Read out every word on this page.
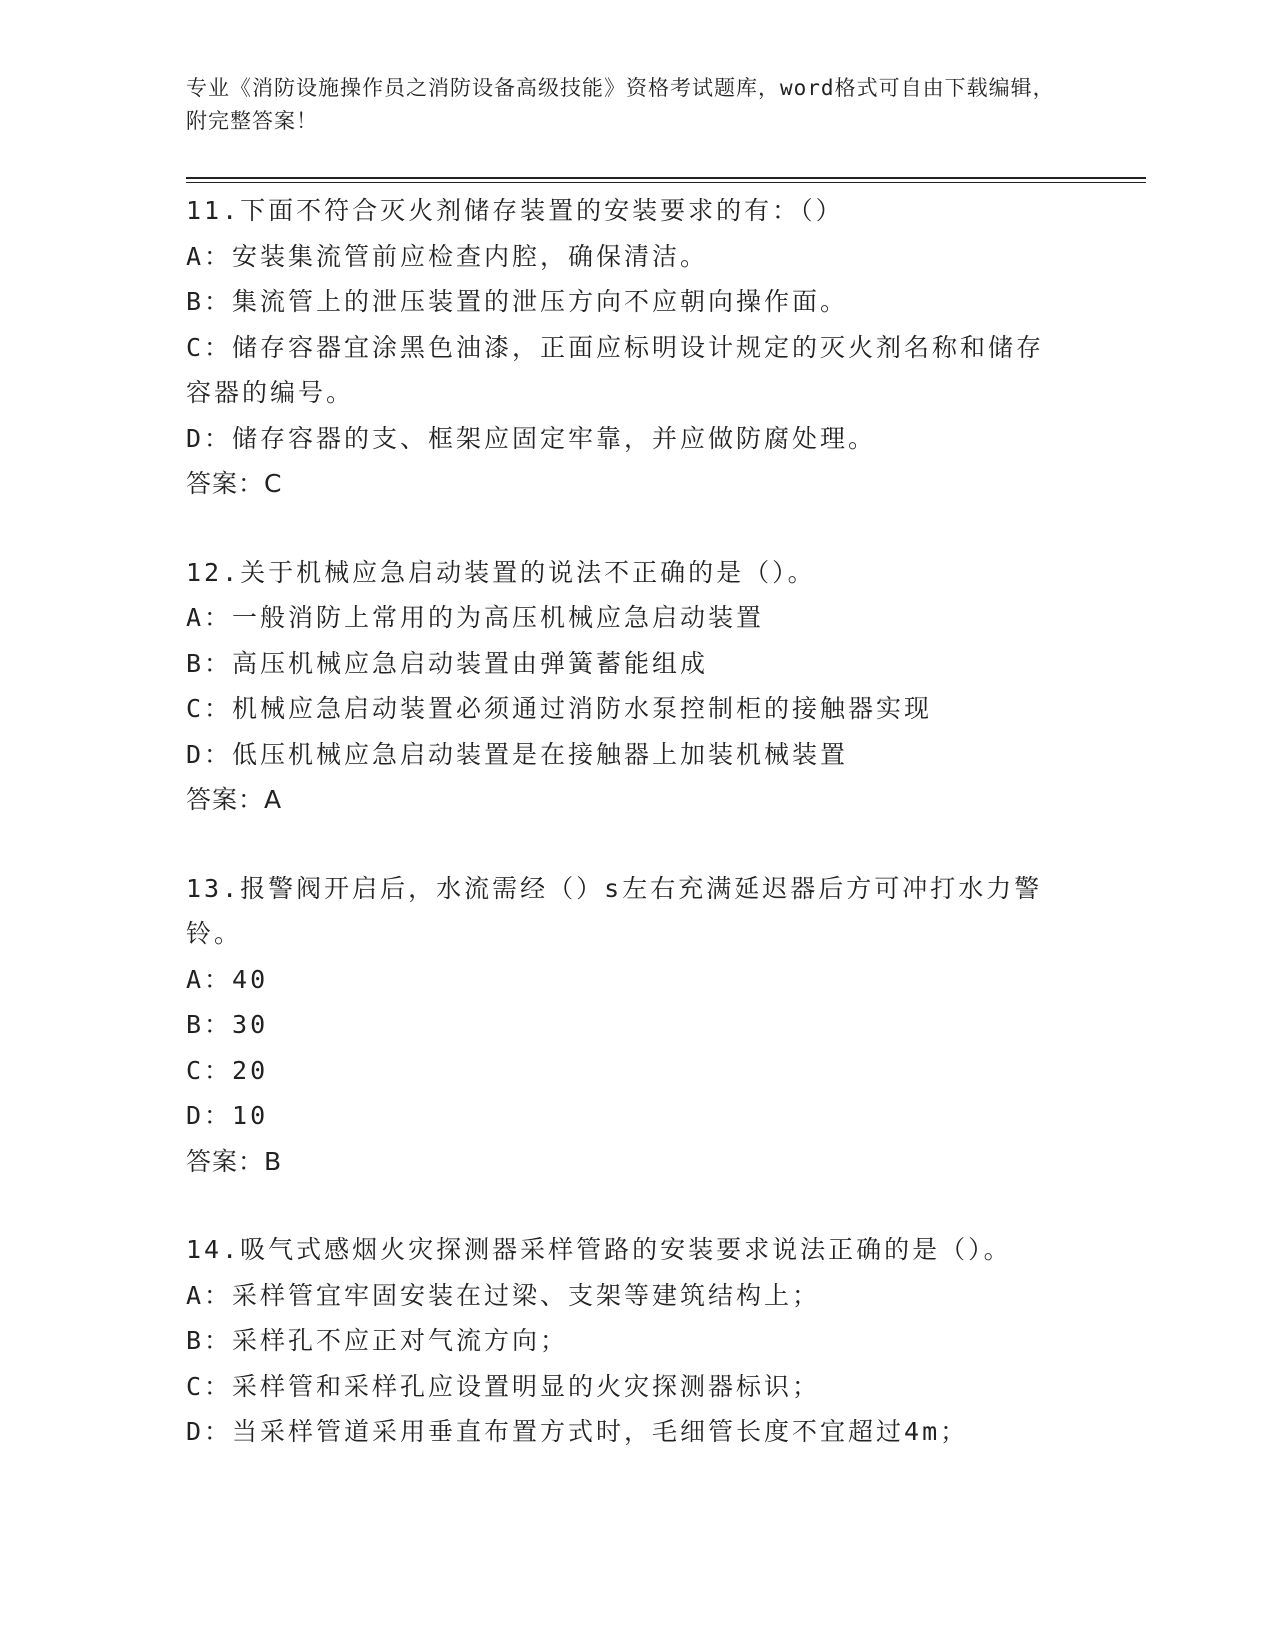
专业《消防设施操作员之消防设备高级技能》资格考试题库，word格式可自由下载编辑，附完整答案！
11.下面不符合灭火剂储存装置的安装要求的有：（）
A：安装集流管前应检查内腔，确保清洁。
B：集流管上的泄压装置的泄压方向不应朝向操作面。
C：储存容器宜涂黑色油漆，正面应标明设计规定的灭火剂名称和储存容器的编号。
D：储存容器的支、框架应固定牢靠，并应做防腐处理。
答案：C
12.关于机械应急启动装置的说法不正确的是（）。
A：一般消防上常用的为高压机械应急启动装置
B：高压机械应急启动装置由弹簧蓄能组成
C：机械应急启动装置必须通过消防水泵控制柜的接触器实现
D：低压机械应急启动装置是在接触器上加装机械装置
答案：A
13.报警阀开启后，水流需经（）s左右充满延迟器后方可冲打水力警铃。
A：40
B：30
C：20
D：10
答案：B
14.吸气式感烟火灾探测器采样管路的安装要求说法正确的是（）。
A：采样管宜牢固安装在过梁、支架等建筑结构上；
B：采样孔不应正对气流方向；
C：采样管和采样孔应设置明显的火灾探测器标识；
D：当采样管道采用垂直布置方式时，毛细管长度不宜超过4m；
